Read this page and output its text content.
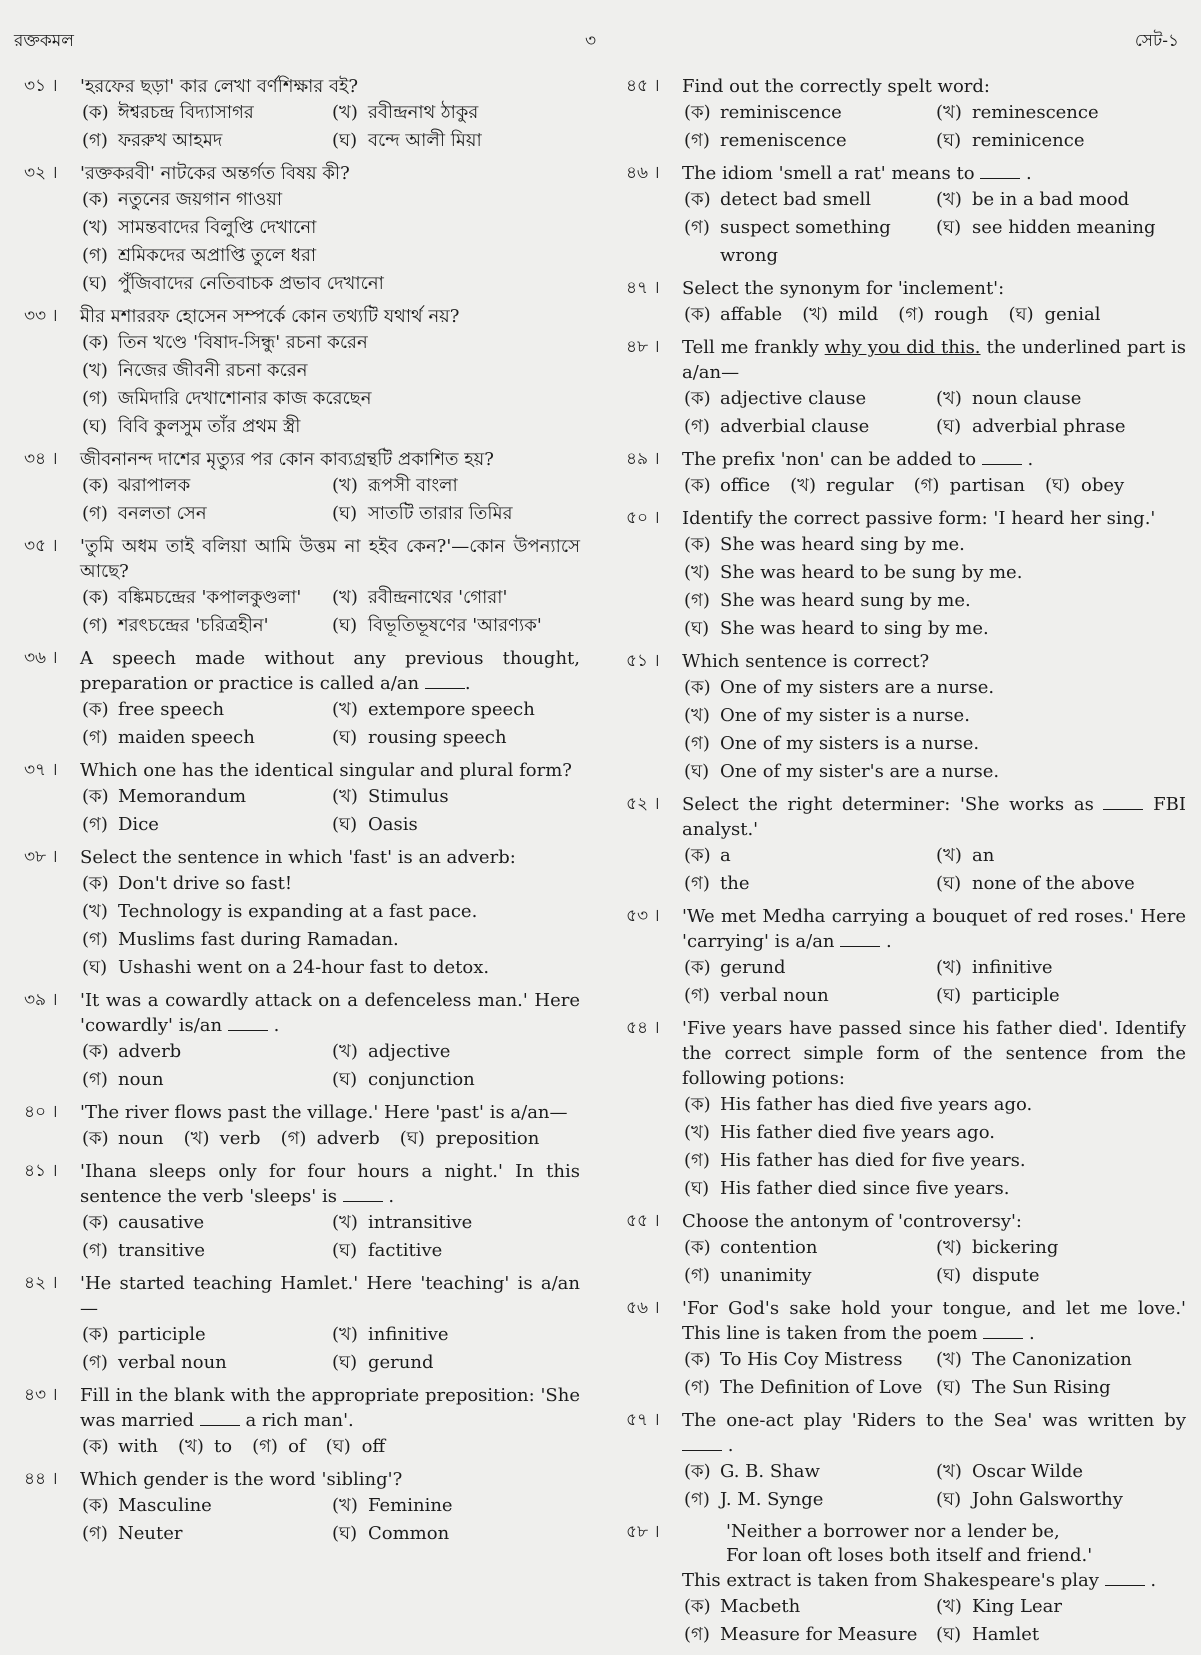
রক্তকমল	৩	সেট-১
৩১ ।	'হরফের ছড়া' কার লেখা বর্ণশিক্ষার বই?
(ক) ঈশ্বরচন্দ্র বিদ্যাসাগর	(খ) রবীন্দ্রনাথ ঠাকুর
(গ) ফররুখ আহমদ	(ঘ) বন্দে আলী মিয়া
৩২ ।	'রক্তকরবী' নাটকের অন্তর্গত বিষয় কী?
(ক) নতুনের জয়গান গাওয়া
(খ) সামন্তবাদের বিলুপ্তি দেখানো
(গ) শ্রমিকদের অপ্রাপ্তি তুলে ধরা
(ঘ) পুঁজিবাদের নেতিবাচক প্রভাব দেখানো
৩৩ ।	মীর মশাররফ হোসেন সম্পর্কে কোন তথ্যটি যথার্থ নয়?
(ক) তিন খণ্ডে 'বিষাদ-সিন্ধু' রচনা করেন
(খ) নিজের জীবনী রচনা করেন
(গ) জমিদারি দেখাশোনার কাজ করেছেন
(ঘ) বিবি কুলসুম তাঁর প্রথম স্ত্রী
৩৪ ।	জীবনানন্দ দাশের মৃত্যুর পর কোন কাব্যগ্রন্থটি প্রকাশিত হয়?
(ক) ঝরাপালক	(খ) রূপসী বাংলা
(গ) বনলতা সেন	(ঘ) সাতটি তারার তিমির
৩৫ ।	'তুমি অধম তাই বলিয়া আমি উত্তম না হইব কেন?'—কোন উপন্যাসে আছে?
(ক) বঙ্কিমচন্দ্রের 'কপালকুণ্ডলা' (খ) রবীন্দ্রনাথের 'গোরা'
(গ) শরৎচন্দ্রের 'চরিত্রহীন'	(ঘ) বিভূতিভূষণের 'আরণ্যক'
৩৬ ।	A speech made without any previous thought, preparation or practice is called a/an .
(ক) free speech	(খ) extempore speech
(গ) maiden speech	(ঘ) rousing speech
৩৭ ।	Which one has the identical singular and plural form?
(ক) Memorandum	(খ) Stimulus
(গ) Dice	(ঘ) Oasis
৩৮ ।	Select the sentence in which 'fast' is an adverb:
(ক) Don't drive so fast!
(খ) Technology is expanding at a fast pace.
(গ) Muslims fast during Ramadan.
(ঘ) Ushashi went on a 24-hour fast to detox.
৩৯ ।	'It was a cowardly attack on a defenceless man.' Here 'cowardly' is/an  .
(ক) adverb	(খ) adjective
(গ) noun	(ঘ) conjunction
৪০ ।	'The river flows past the village.' Here 'past' is a/an—
(ক) noun (খ) verb (গ) adverb (ঘ) preposition
৪১ ।	'Ihana sleeps only for four hours a night.' In this sentence the verb 'sleeps' is  .
(ক) causative	(খ) intransitive
(গ) transitive	(ঘ) factitive
৪২ ।	'He started teaching Hamlet.' Here 'teaching' is a/an—
(ক) participle	(খ) infinitive
(গ) verbal noun	(ঘ) gerund
৪৩ ।	Fill in the blank with the appropriate preposition: 'She was married  a rich man'.
(ক) with (খ) to (গ) of (ঘ) off
৪৪ ।	Which gender is the word 'sibling'?
(ক) Masculine	(খ) Feminine
(গ) Neuter	(ঘ) Common
৪৫ ।	Find out the correctly spelt word:
(ক) reminiscence	(খ) reminescence
(গ) remeniscence	(ঘ) reminicence
৪৬ ।	The idiom 'smell a rat' means to  .
(ক) detect bad smell	(খ) be in a bad mood
(গ) suspect something wrong
(ঘ) see hidden meaning
৪৭ ।	Select the synonym for 'inclement':
(ক) affable (খ) mild (গ) rough (ঘ) genial
৪৮ ।	Tell me frankly why you did this. the underlined part is a/an—
(ক) adjective clause	(খ) noun clause
(গ) adverbial clause	(ঘ) adverbial phrase
৪৯ ।	The prefix 'non' can be added to  .
(ক) office (খ) regular (গ) partisan (ঘ) obey
৫০ ।	Identify the correct passive form: 'I heard her sing.'
(ক) She was heard sing by me.
(খ) She was heard to be sung by me.
(গ) She was heard sung by me.
(ঘ) She was heard to sing by me.
৫১ ।	Which sentence is correct?
(ক) One of my sisters are a nurse.
(খ) One of my sister is a nurse.
(গ) One of my sisters is a nurse.
(ঘ) One of my sister's are a nurse.
৫২ ।	Select the right determiner: 'She works as  FBI analyst.'
(ক) a	(খ) an
(গ) the	(ঘ) none of the above
৫৩ ।	'We met Medha carrying a bouquet of red roses.' Here 'carrying' is a/an  .
(ক) gerund	(খ) infinitive
(গ) verbal noun	(ঘ) participle
৫৪ ।	'Five years have passed since his father died'. Identify the correct simple form of the sentence from the following potions:
(ক) His father has died five years ago.
(খ) His father died five years ago.
(গ) His father has died for five years.
(ঘ) His father died since five years.
৫৫ ।	Choose the antonym of 'controversy':
(ক) contention	(খ) bickering
(গ) unanimity	(ঘ) dispute
৫৬ ।	'For God's sake hold your tongue, and let me love.' This line is taken from the poem  .
(ক) To His Coy Mistress (খ) The Canonization
(গ) The Definition of Love (ঘ) The Sun Rising
৫৭ ।	The one-act play 'Riders to the Sea' was written by  .
(ক) G. B. Shaw	(খ) Oscar Wilde
(গ) J. M. Synge	(ঘ) John Galsworthy
৫৮ ।	'Neither a borrower nor a lender be,
For loan oft loses both itself and friend.'
This extract is taken from Shakespeare's play  .
(ক) Macbeth	(খ) King Lear
(গ) Measure for Measure (ঘ) Hamlet
